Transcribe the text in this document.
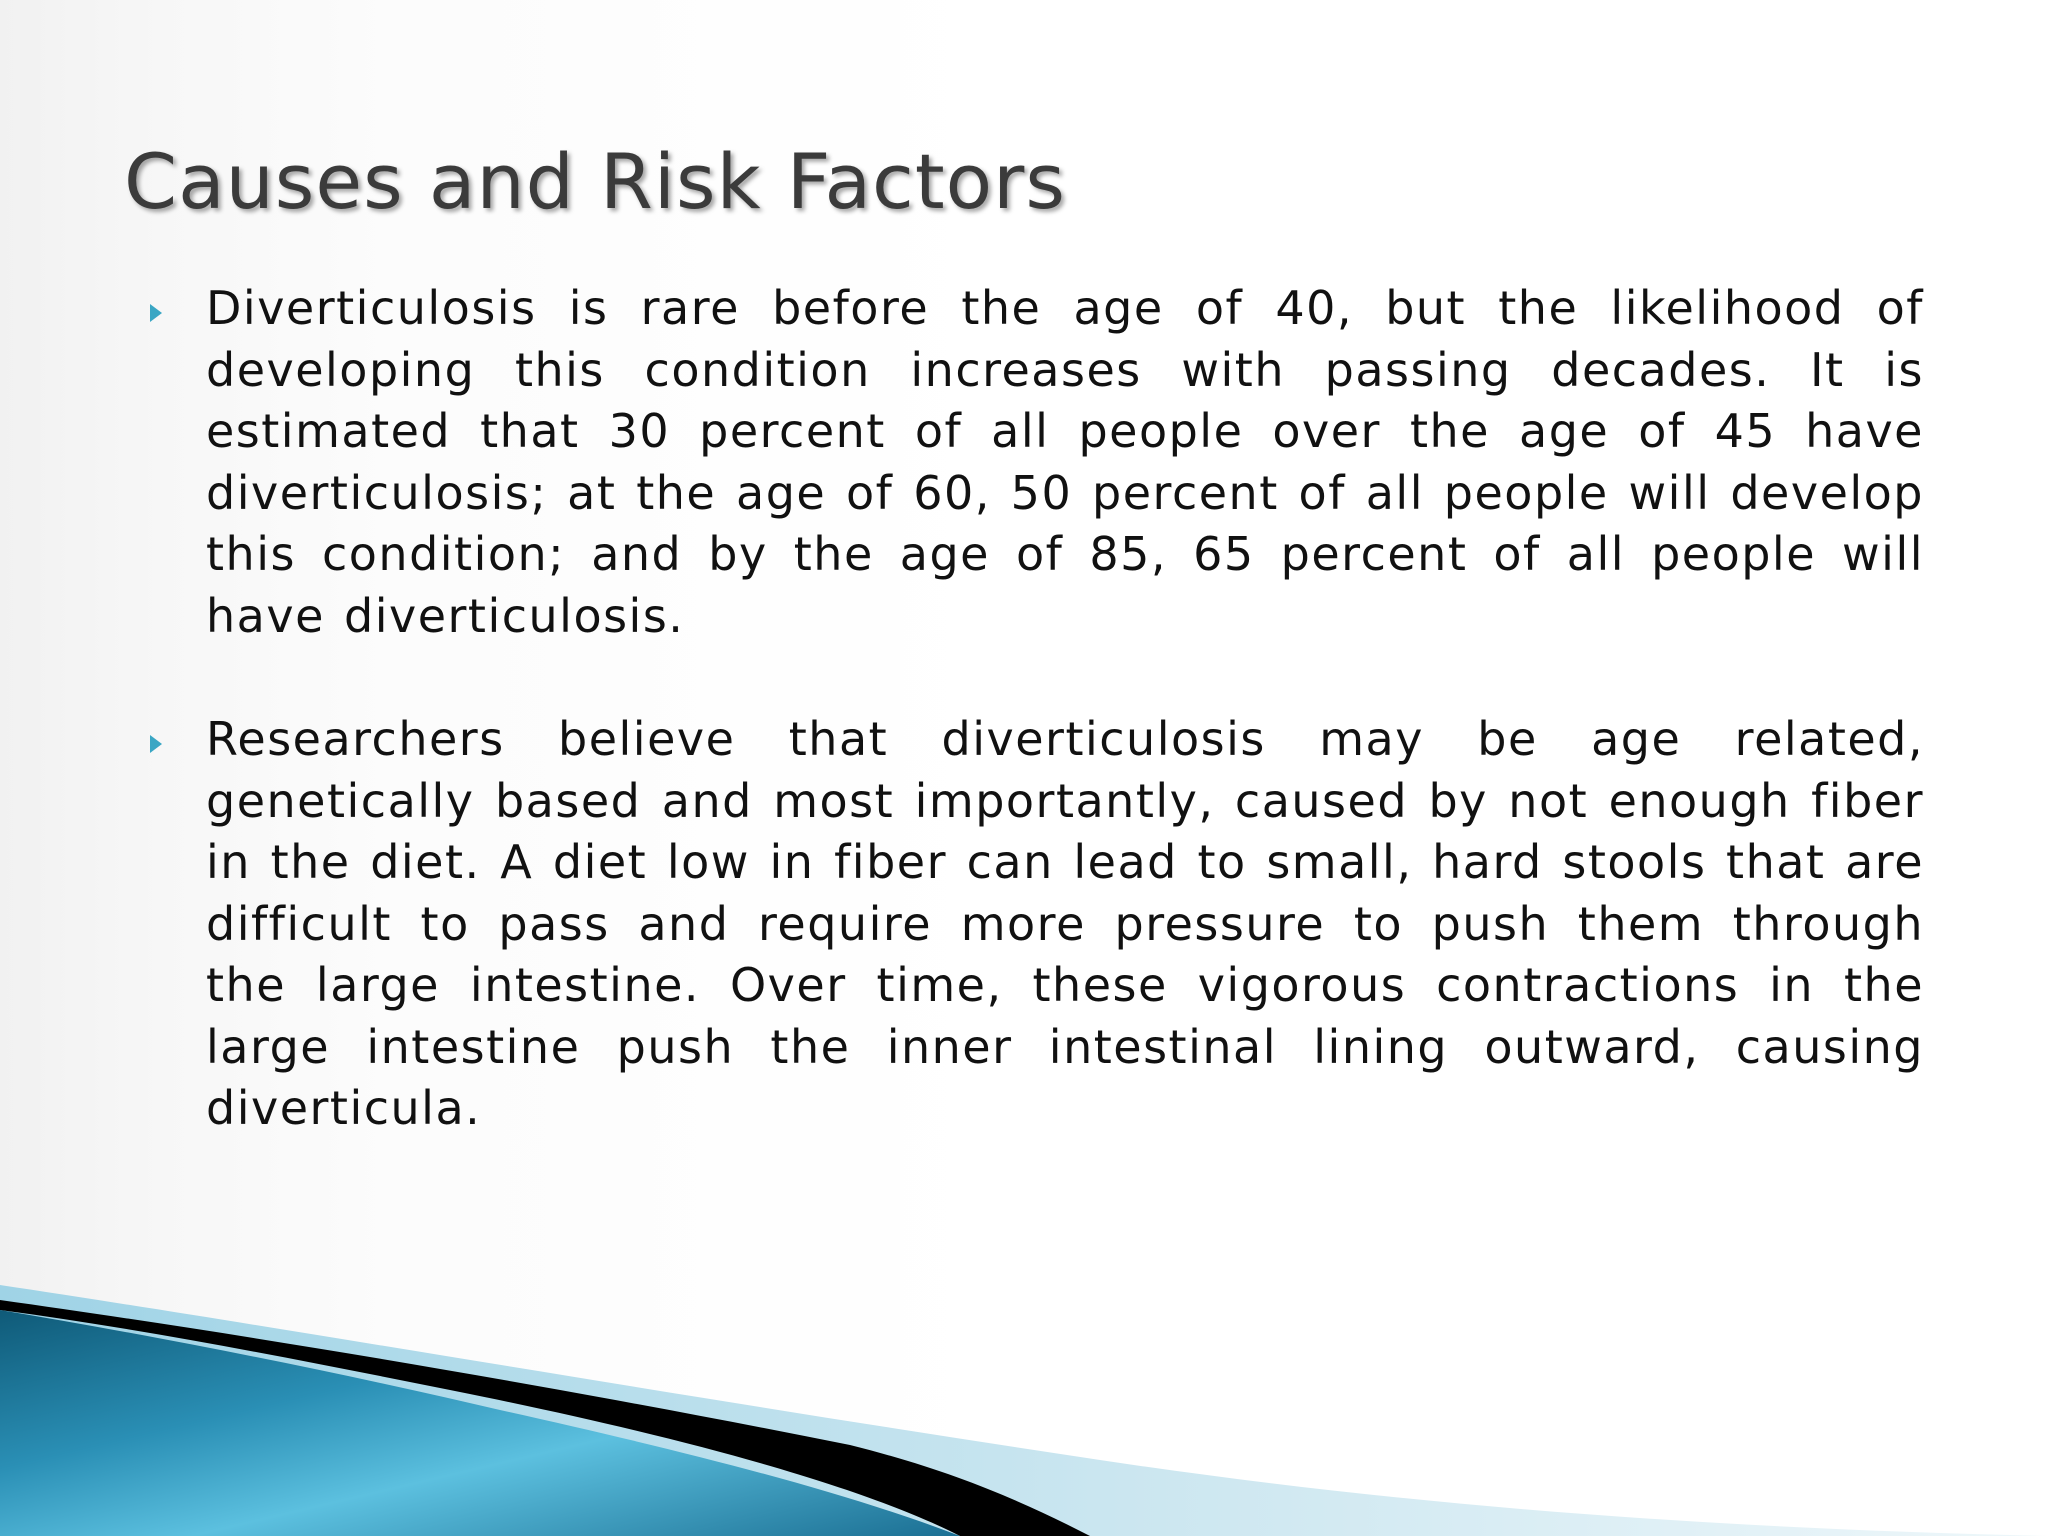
Causes and Risk Factors
Diverticulosis is rare before the age of 40, but the likelihood of developing this condition increases with passing decades. It is estimated that 30 percent of all people over the age of 45 have diverticulosis; at the age of 60, 50 percent of all people will develop this condition; and by the age of 85, 65 percent of all people will have diverticulosis.
Researchers believe that diverticulosis may be age related, genetically based and most importantly, caused by not enough fiber in the diet. A diet low in fiber can lead to small, hard stools that are difficult to pass and require more pressure to push them through the large intestine. Over time, these vigorous contractions in the large intestine push the inner intestinal lining outward, causing diverticula.
